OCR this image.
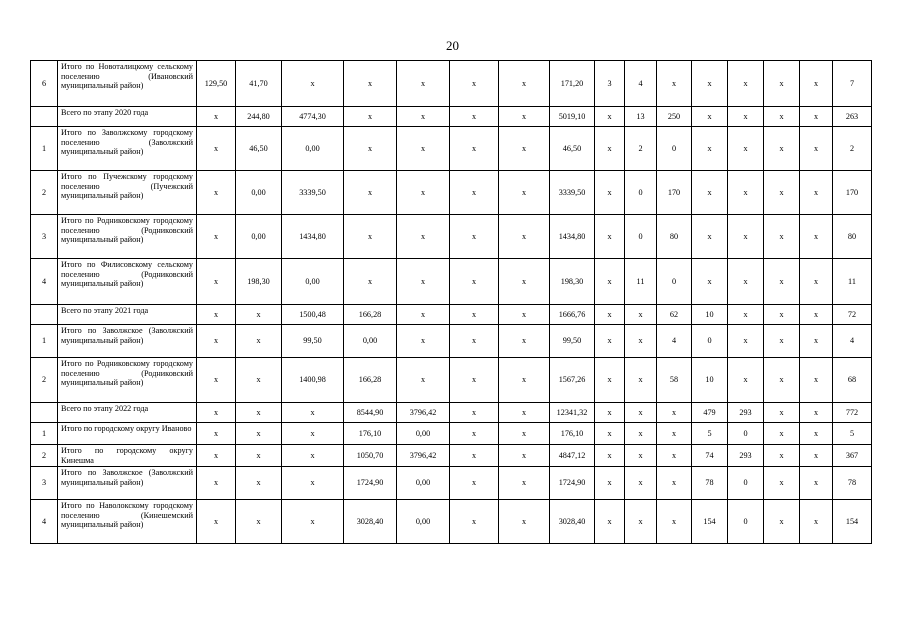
20
6	Итого по Новоталицкому сельскому поселению (Ивановский муниципальный район)	129,50	41,70	х	х	х	х	х	171,20	3	4	х	х	х	х	х	7
	Всего по этапу 2020 года	х	244,80	4774,30	х	х	х	х	5019,10	х	13	250	х	х	х	х	263
1	Итого по Заволжскому городскому поселению (Заволжский муниципальный район)	х	46,50	0,00	х	х	х	х	46,50	х	2	0	х	х	х	х	2
2	Итого по Пучежскому городскому поселению (Пучежский муниципальный район)	х	0,00	3339,50	х	х	х	х	3339,50	х	0	170	х	х	х	х	170
3	Итого по Родниковскому городскому поселению (Родниковский муниципальный район)	х	0,00	1434,80	х	х	х	х	1434,80	х	0	80	х	х	х	х	80
4	Итого по Филисовскому сельскому поселению (Родниковский муниципальный район)	х	198,30	0,00	х	х	х	х	198,30	х	11	0	х	х	х	х	11
	Всего по этапу 2021 года	х	х	1500,48	166,28	х	х	х	1666,76	х	х	62	10	х	х	х	72
1	Итого по Заволжское (Заволжский муниципальный район)	х	х	99,50	0,00	х	х	х	99,50	х	х	4	0	х	х	х	4
2	Итого по Родниковскому городскому поселению (Родниковский муниципальный район)	х	х	1400,98	166,28	х	х	х	1567,26	х	х	58	10	х	х	х	68
	Всего по этапу 2022 года	х	х	х	8544,90	3796,42	х	х	12341,32	х	х	х	479	293	х	х	772
1	Итого по городскому округу Иваново	х	х	х	176,10	0,00	х	х	176,10	х	х	х	5	0	х	х	5
2	Итого по городскому округу Кинешма	х	х	х	1050,70	3796,42	х	х	4847,12	х	х	х	74	293	х	х	367
3	Итого по Заволжское (Заволжский муниципальный район)	х	х	х	1724,90	0,00	х	х	1724,90	х	х	х	78	0	х	х	78
4	Итого по Наволокскому городскому поселению (Кинешемский муниципальный район)	х	х	х	3028,40	0,00	х	х	3028,40	х	х	х	154	0	х	х	154
